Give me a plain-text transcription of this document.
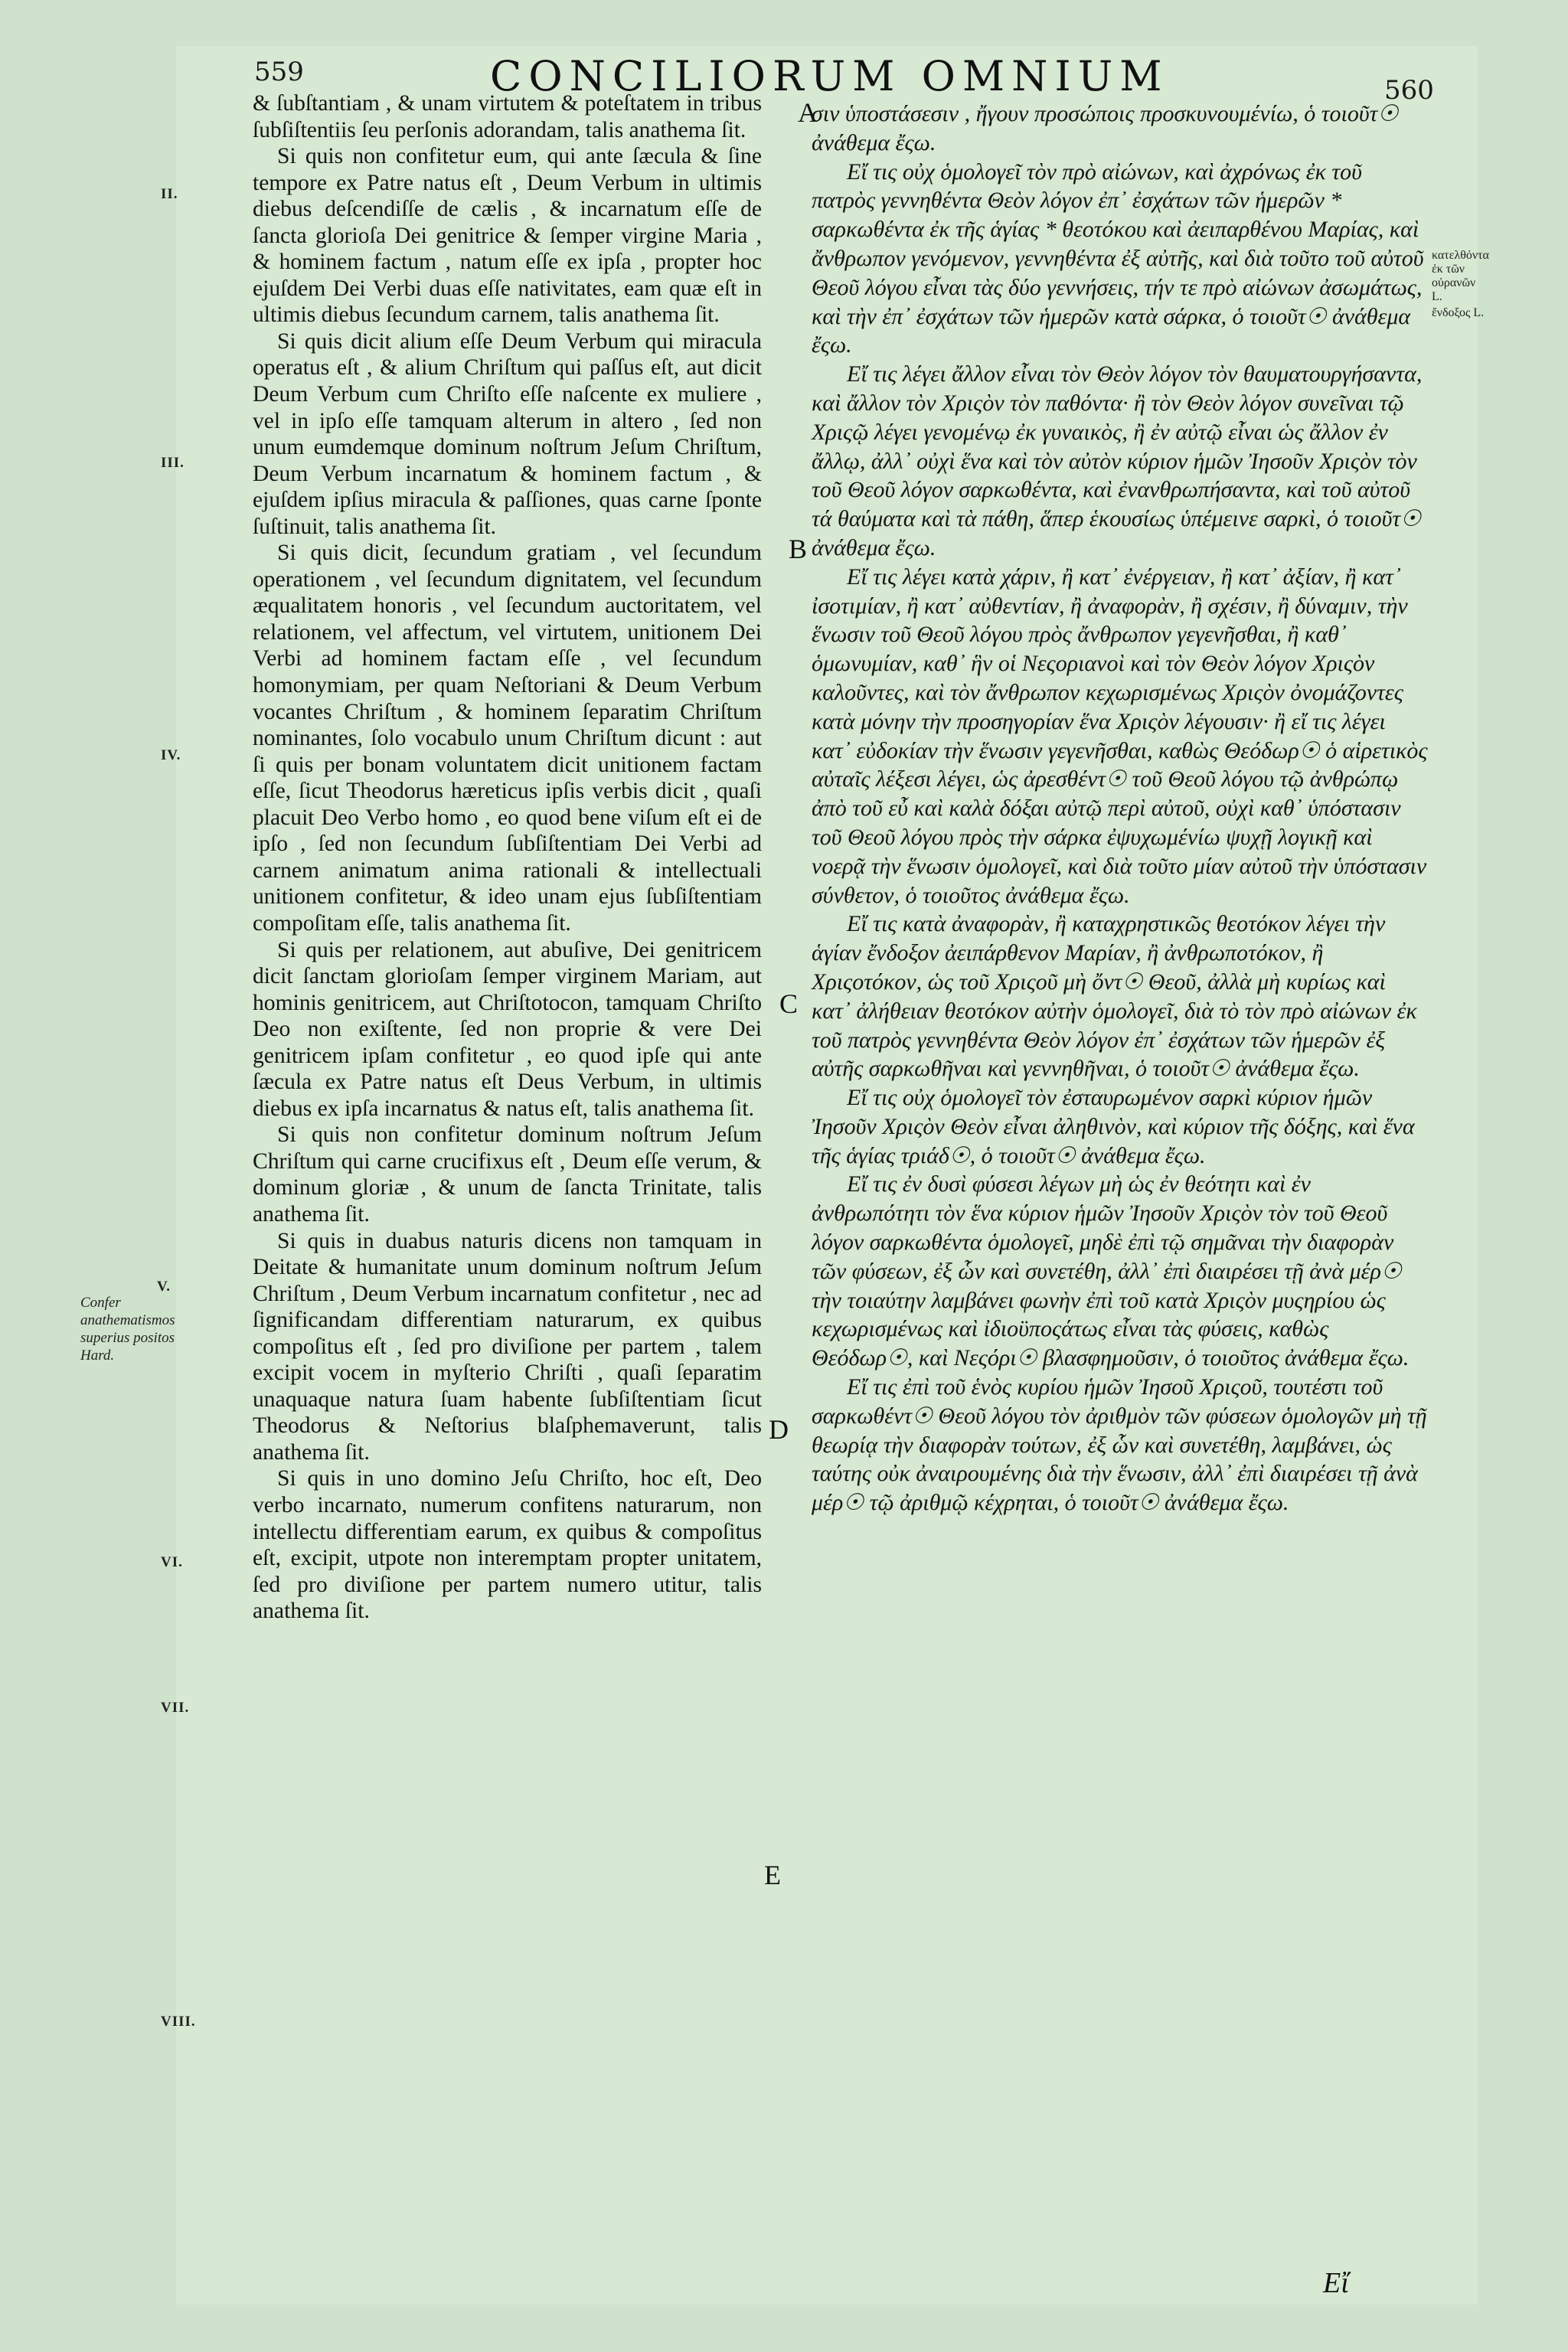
559	CONCILIORUM OMNIUM	560
A
B
C
D
E
II.
III.
IV.
V.
VI.
VII.
VIII.
Confer anathematismos superius positos Hard.
κατελθόντα ἐκ τῶν οὐρανῶν L.
ἔνδοξος L.

& ſubſtantiam , & unam virtutem & poteſtatem in tribus ſubſiſtentiis ſeu perſonis adorandam, talis anathema ſit.

Si quis non confitetur eum, qui ante ſæcula & ſine tempore ex Patre natus eſt , Deum Verbum in ultimis diebus deſcendiſſe de cælis , & incarnatum eſſe de ſancta glorioſa Dei genitrice & ſemper virgine Maria , & hominem factum , natum eſſe ex ipſa , propter hoc ejuſdem Dei Verbi duas eſſe nativitates, eam quæ eſt in ultimis diebus ſecundum carnem, talis anathema ſit.

Si quis dicit alium eſſe Deum Verbum qui miracula operatus eſt , & alium Chriſtum qui paſſus eſt, aut dicit Deum Verbum cum Chriſto eſſe naſcente ex muliere , vel in ipſo eſſe tamquam alterum in altero , ſed non unum eumdemque dominum noſtrum Jeſum Chriſtum, Deum Verbum incarnatum & hominem factum , & ejuſdem ipſius miracula & paſſiones, quas carne ſponte ſuſtinuit, talis anathema ſit.

Si quis dicit, ſecundum gratiam , vel ſecundum operationem , vel ſecundum dignitatem, vel ſecundum æqualitatem honoris , vel ſecundum auctoritatem, vel relationem, vel affectum, vel virtutem, unitionem Dei Verbi ad hominem factam eſſe , vel ſecundum homonymiam, per quam Neſtoriani & Deum Verbum vocantes Chriſtum , & hominem ſeparatim Chriſtum nominantes, ſolo vocabulo unum Chriſtum dicunt : aut ſi quis per bonam voluntatem dicit unitionem factam eſſe, ſicut Theodorus hæreticus ipſis verbis dicit , quaſi placuit Deo Verbo homo , eo quod bene viſum eſt ei de ipſo , ſed non ſecundum ſubſiſtentiam Dei Verbi ad carnem animatum anima rationali & intellectuali unitionem confitetur, & ideo unam ejus ſubſiſtentiam compoſitam eſſe, talis anathema ſit.

Si quis per relationem, aut abuſive, Dei genitricem dicit ſanctam glorioſam ſemper virginem Mariam, aut hominis genitricem, aut Chriſtotocon, tamquam Chriſto Deo non exiſtente, ſed non proprie & vere Dei genitricem ipſam confitetur , eo quod ipſe qui ante ſæcula ex Patre natus eſt Deus Verbum, in ultimis diebus ex ipſa incarnatus & natus eſt, talis anathema ſit.

Si quis non confitetur dominum noſtrum Jeſum Chriſtum qui carne crucifixus eſt , Deum eſſe verum, & dominum gloriæ , & unum de ſancta Trinitate, talis anathema ſit.

Si quis in duabus naturis dicens non tamquam in Deitate & humanitate unum dominum noſtrum Jeſum Chriſtum , Deum Verbum incarnatum confitetur , nec ad ſignificandam differentiam naturarum, ex quibus compoſitus eſt , ſed pro diviſione per partem , talem excipit vocem in myſterio Chriſti , quaſi ſeparatim unaquaque natura ſuam habente ſubſiſtentiam ſicut Theodorus & Neſtorius blaſphemaverunt, talis anathema ſit.

Si quis in uno domino Jeſu Chriſto, hoc eſt, Deo verbo incarnato, numerum confitens naturarum, non intellectu differentiam earum, ex quibus & compoſitus eſt, excipit, utpote non interemptam propter unitatem, ſed pro diviſione per partem numero utitur, talis anathema ſit.

σιν ὑποστάσεσιν , ἤγουν προσώποις προσκυνουμένίω, ὁ τοιοῦτ☉ ἀνάθεμα ἔςω.

Εἴ τις οὐχ ὁμολογεῖ τὸν πρὸ αἰώνων, καὶ ἀχρόνως ἐκ τοῦ πατρὸς γεννηθέντα Θεὸν λόγον ἐπ᾽ ἐσχάτων τῶν ἡμερῶν * σαρκωθέντα ἐκ τῆς ἁγίας * θεοτόκου καὶ ἀειπαρθένου Μαρίας, καὶ ἄνθρωπον γενόμενον, γεννηθέντα ἐξ αὐτῆς, καὶ διὰ τοῦτο τοῦ αὐτοῦ Θεοῦ λόγου εἶναι τὰς δύο γεννήσεις, τήν τε πρὸ αἰώνων ἀσωμάτως, καὶ τὴν ἐπ᾽ ἐσχάτων τῶν ἡμερῶν κατὰ σάρκα, ὁ τοιοῦτ☉ ἀνάθεμα ἔςω.

Εἴ τις λέγει ἄλλον εἶναι τὸν Θεὸν λόγον τὸν θαυματουργήσαντα, καὶ ἄλλον τὸν Χριςὸν τὸν παθόντα· ἢ τὸν Θεὸν λόγον συνεῖναι τῷ Χριςῷ λέγει γενομένῳ ἐκ γυναικὸς, ἢ ἐν αὐτῷ εἶναι ὡς ἄλλον ἐν ἄλλῳ, ἀλλ᾽ οὐχὶ ἕνα καὶ τὸν αὐτὸν κύριον ἡμῶν Ἰησοῦν Χριςὸν τὸν τοῦ Θεοῦ λόγον σαρκωθέντα, καὶ ἐνανθρωπήσαντα, καὶ τοῦ αὐτοῦ τά θαύματα καὶ τὰ πάθη, ἅπερ ἑκουσίως ὑπέμεινε σαρκὶ, ὁ τοιοῦτ☉ ἀνάθεμα ἔςω.

Εἴ τις λέγει κατὰ χάριν, ἢ κατ᾽ ἐνέργειαν, ἢ κατ᾽ ἀξίαν, ἢ κατ᾽ ἰσοτιμίαν, ἢ κατ᾽ αὐθεντίαν, ἢ ἀναφορὰν, ἢ σχέσιν, ἢ δύναμιν, τὴν ἕνωσιν τοῦ Θεοῦ λόγου πρὸς ἄνθρωπον γεγενῆσθαι, ἢ καθ᾽ ὁμωνυμίαν, καθ᾽ ἣν οἱ Νεςοριανοὶ καὶ τὸν Θεὸν λόγον Χριςὸν καλοῦντες, καὶ τὸν ἄνθρωπον κεχωρισμένως Χριςὸν ὀνομάζοντες κατὰ μόνην τὴν προσηγορίαν ἕνα Χριςὸν λέγουσιν· ἢ εἴ τις λέγει κατ᾽ εὐδοκίαν τὴν ἕνωσιν γεγενῆσθαι, καθὼς Θεόδωρ☉ ὁ αἱρετικὸς αὐταῖς λέξεσι λέγει, ὡς ἀρεσθέντ☉ τοῦ Θεοῦ λόγου τῷ ἀνθρώπῳ ἀπὸ τοῦ εὖ καὶ καλὰ δόξαι αὐτῷ περὶ αὐτοῦ, οὐχὶ καθ᾽ ὑπόστασιν τοῦ Θεοῦ λόγου πρὸς τὴν σάρκα ἐψυχωμένίω ψυχῇ λογικῇ καὶ νοερᾷ τὴν ἕνωσιν ὁμολογεῖ, καὶ διὰ τοῦτο μίαν αὐτοῦ τὴν ὑπόστασιν σύνθετον, ὁ τοιοῦτος ἀνάθεμα ἔςω.

Εἴ τις κατὰ ἀναφορὰν, ἢ καταχρηστικῶς θεοτόκον λέγει τὴν ἁγίαν ἔνδοξον ἀειπάρθενον Μαρίαν, ἢ ἀνθρωποτόκον, ἢ Χριςοτόκον, ὡς τοῦ Χριςοῦ μὴ ὄντ☉ Θεοῦ, ἀλλὰ μὴ κυρίως καὶ κατ᾽ ἀλήθειαν θεοτόκον αὐτὴν ὁμολογεῖ, διὰ τὸ τὸν πρὸ αἰώνων ἐκ τοῦ πατρὸς γεννηθέντα Θεὸν λόγον ἐπ᾽ ἐσχάτων τῶν ἡμερῶν ἐξ αὐτῆς σαρκωθῆναι καὶ γεννηθῆναι, ὁ τοιοῦτ☉ ἀνάθεμα ἔςω.

Εἴ τις οὐχ ὁμολογεῖ τὸν ἐσταυρωμένον σαρκὶ κύριον ἡμῶν Ἰησοῦν Χριςὸν Θεὸν εἶναι ἀληθινὸν, καὶ κύριον τῆς δόξης, καὶ ἕνα τῆς ἁγίας τριάδ☉, ὁ τοιοῦτ☉ ἀνάθεμα ἔςω.

Εἴ τις ἐν δυσὶ φύσεσι λέγων μὴ ὡς ἐν θεότητι καὶ ἐν ἀνθρωπότητι τὸν ἕνα κύριον ἡμῶν Ἰησοῦν Χριςὸν τὸν τοῦ Θεοῦ λόγον σαρκωθέντα ὁμολογεῖ, μηδὲ ἐπὶ τῷ σημᾶναι τὴν διαφορὰν τῶν φύσεων, ἐξ ὧν καὶ συνετέθη, ἀλλ᾽ ἐπὶ διαιρέσει τῇ ἀνὰ μέρ☉ τὴν τοιαύτην λαμβάνει φωνὴν ἐπὶ τοῦ κατὰ Χριςὸν μυςηρίου ὡς κεχωρισμένως καὶ ἰδιοϋποςάτως εἶναι τὰς φύσεις, καθὼς Θεόδωρ☉, καὶ Νεςόρι☉ βλασφημοῦσιν, ὁ τοιοῦτος ἀνάθεμα ἔςω.

Εἴ τις ἐπὶ τοῦ ἑνὸς κυρίου ἡμῶν Ἰησοῦ Χριςοῦ, τουτέστι τοῦ σαρκωθέντ☉ Θεοῦ λόγου τὸν ἀριθμὸν τῶν φύσεων ὁμολογῶν μὴ τῇ θεωρίᾳ τὴν διαφορὰν τούτων, ἐξ ὧν καὶ συνετέθη, λαμβάνει, ὡς ταύτης οὐκ ἀναιρουμένης διὰ τὴν ἕνωσιν, ἀλλ᾽ ἐπὶ διαιρέσει τῇ ἀνὰ μέρ☉ τῷ ἀριθμῷ κέχρηται, ὁ τοιοῦτ☉ ἀνάθεμα ἔςω.

Εἴ
